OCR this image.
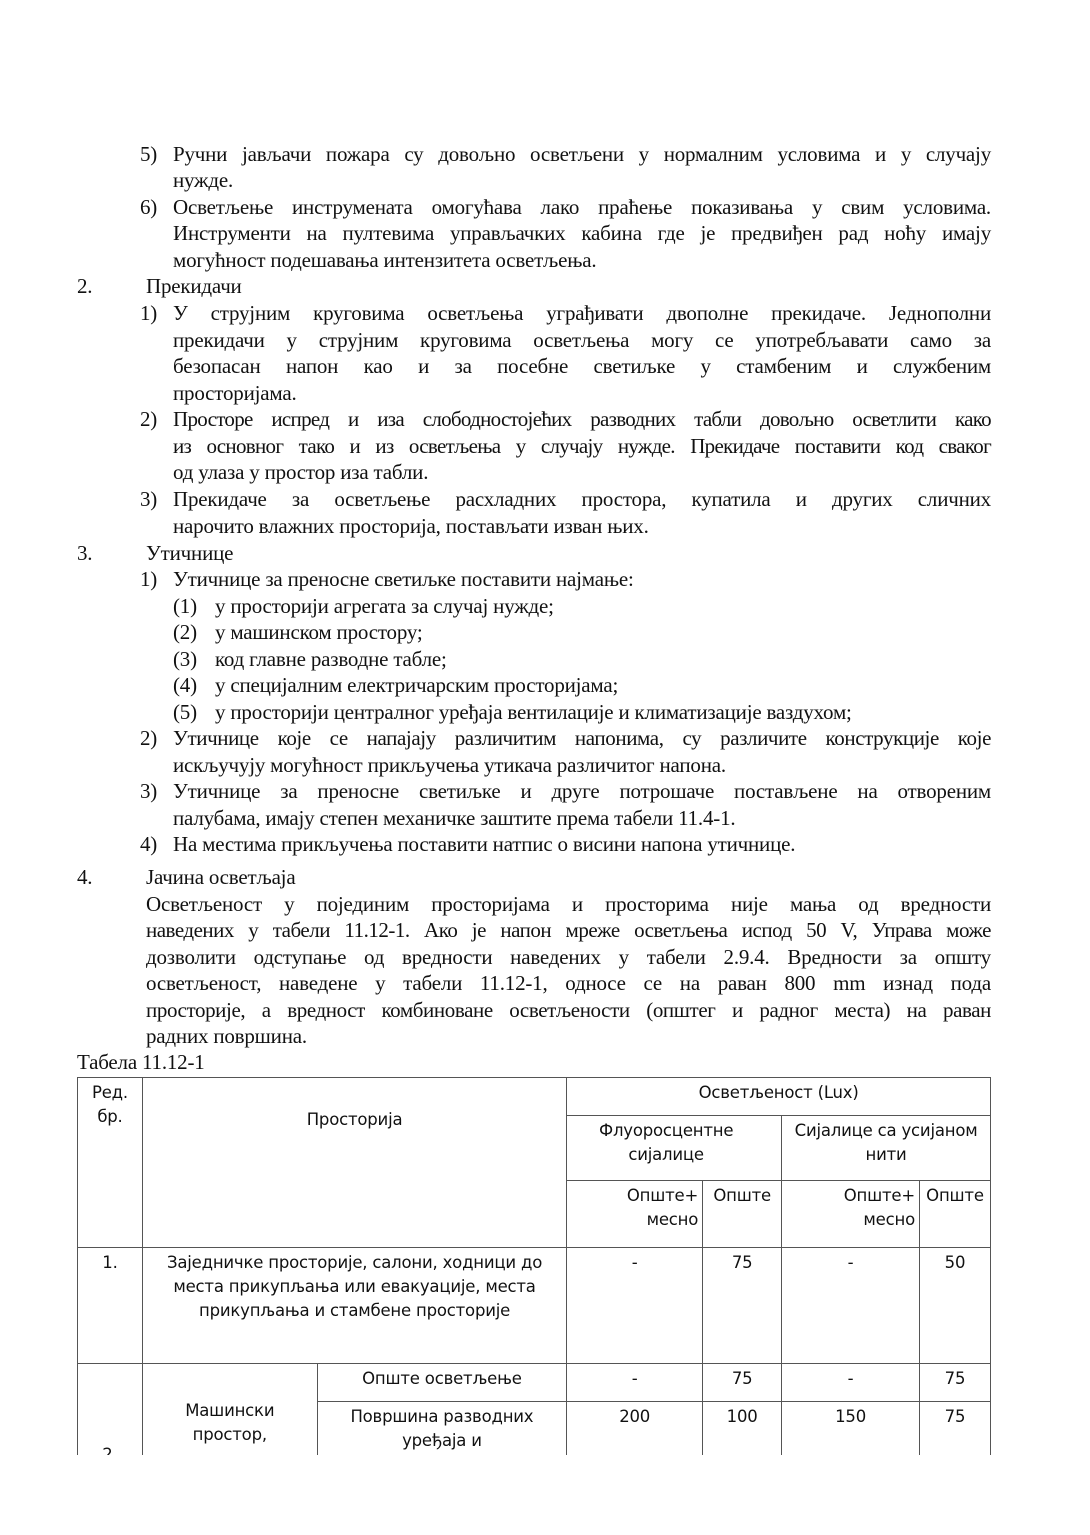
5) Ручни јављачи пожара су довољно осветљени у нормалним условима и у случају
нужде.
6) Осветљење инструмената омогућава лако праћење показивања у свим условима.
Инструменти на пултевима управљачких кабина где је предвиђен рад ноћу имају
могућност подешавања интензитета осветљења.
2.	Прекидачи
1) У струјним круговима осветљења уграђивати двополне прекидаче. Једнополни
прекидачи у струјним круговима осветљења могу се употребљавати само за
безопасан напон као и за посебне светиљке у стамбеним и службеним
просторијама.
2) Просторе испред и иза слободностојећих разводних табли довољно осветлити како
из основног тако и из осветљења у случају нужде. Прекидаче поставити код сваког
од улаза у простор иза табли.
3) Прекидаче за осветљење расхладних простора, купатила и других сличних
нарочито влажних просторија, постављати изван њих.
3.	Утичнице
1) Утичнице за преносне светиљке поставити најмање:
(1) у просторији агрегата за случај нужде;
(2) у машинском простору;
(3) код главне разводне табле;
(4) у специјалним електричарским просторијама;
(5) у просторији централног уређаја вентилације и климатизације ваздухом;
2) Утичнице које се напајају различитим напонима, су различите конструкције које
искључују могућност прикључења утикача различитог напона.
3) Утичнице за преносне светиљке и друге потрошаче постављене на отвореним
палубама, имају степен механичке заштите према табели 11.4-1.
4) На местима прикључења поставити натпис о висини напона утичнице.
4.	Јачина осветљаја
Осветљеност у појединим просторијама и просторима није мања од вредности
наведених у табели 11.12-1. Ако је напон мреже осветљења испод 50 V, Управа може
дозволити одступање од вредности наведених у табели 2.9.4. Вредности за општу
осветљеност, наведене у табели 11.12-1, односе се на раван 800 mm изнад пода
просторије, а вредност комбиноване осветљености (општег и радног места) на раван
радних површина.
Табела 11.12-1
Ред. бр.	Просторија		Осветљеност (Lux)			
			Флуоросцентне сијалице		Сијалице са усијаном нити	

			Опште+ месно	Опште	Опште+ месно	Опште
1.	Заједничке просторије, салони, ходници до места прикупљања или евакуације, места прикупљања и стамбене просторије		-	75	-	50
	Машински простор,	Опште осветљење	-	75	-	75
		Површина разводних уређаја и	200	100	150	75
